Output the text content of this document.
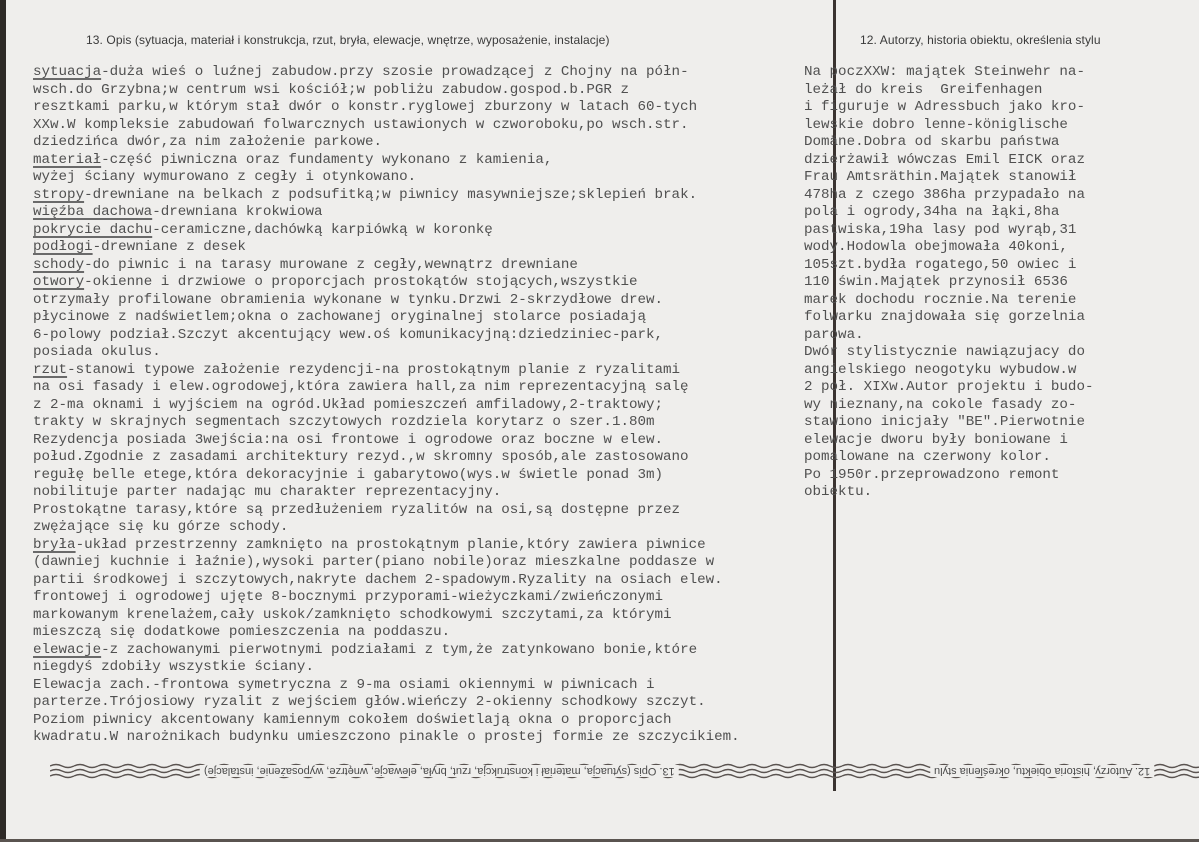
13. Opis (sytuacja, materiał i konstrukcja, rzut, bryła, elewacje, wnętrze, wyposażenie, instalacje)	12. Autorzy, historia obiektu, określenia stylu
sytuacja-duża wieś o luźnej zabudow.przy szosie prowadzącej z Chojny na półn-
wsch.do Grzybna;w centrum wsi kościół;w pobliżu zabudow.gospod.b.PGR z
resztkami parku,w którym stał dwór o konstr.ryglowej zburzony w latach 60-tych
XXw.W kompleksie zabudowań folwarcznych ustawionych w czworoboku,po wsch.str.
dziedzińca dwór,za nim założenie parkowe.
materiał-część piwniczna oraz fundamenty wykonano z kamienia,
wyżej ściany wymurowano z cegły i otynkowano.
stropy-drewniane na belkach z podsufitką;w piwnicy masywniejsze;sklepień brak.
więźba dachowa-drewniana krokwiowa
pokrycie dachu-ceramiczne,dachówką karpiówką w koronkę
podłogi-drewniane z desek
schody-do piwnic i na tarasy murowane z cegły,wewnątrz drewniane
otwory-okienne i drzwiowe o proporcjach prostokątów stojących,wszystkie
otrzymały profilowane obramienia wykonane w tynku.Drzwi 2-skrzydłowe drew.
płycinowe z nadświetlem;okna o zachowanej oryginalnej stolarce posiadają
6-polowy podział.Szczyt akcentujący wew.oś komunikacyjną:dziedziniec-park,
posiada okulus.
rzut-stanowi typowe założenie rezydencji-na prostokątnym planie z ryzalitami
na osi fasady i elew.ogrodowej,która zawiera hall,za nim reprezentacyjną salę
z 2-ma oknami i wyjściem na ogród.Układ pomieszczeń amfiladowy,2-traktowy;
trakty w skrajnych segmentach szczytowych rozdziela korytarz o szer.1.80m
Rezydencja posiada 3wejścia:na osi frontowe i ogrodowe oraz boczne w elew.
połud.Zgodnie z zasadami architektury rezyd.,w skromny sposób,ale zastosowano
regułę belle etege,która dekoracyjnie i gabarytowo(wys.w świetle ponad 3m)
nobilituje parter nadając mu charakter reprezentacyjny.
Prostokątne tarasy,które są przedłużeniem ryzalitów na osi,są dostępne przez
zwężające się ku górze schody.
bryła-układ przestrzenny zamknięto na prostokątnym planie,który zawiera piwnice
(dawniej kuchnie i łaźnie),wysoki parter(piano nobile)oraz mieszkalne poddasze w
partii środkowej i szczytowych,nakryte dachem 2-spadowym.Ryzality na osiach elew.
frontowej i ogrodowej ujęte 8-bocznymi przyporami-wieżyczkami/zwieńczonymi
markowanym krenelażem,cały uskok/zamknięto schodkowymi szczytami,za którymi
mieszczą się dodatkowe pomieszczenia na poddaszu.
elewacje-z zachowanymi pierwotnymi podziałami z tym,że zatynkowano bonie,które
niegdyś zdobiły wszystkie ściany.
Elewacja zach.-frontowa symetryczna z 9-ma osiami okiennymi w piwnicach i
parterze.Trójosiowy ryzalit z wejściem głów.wieńczy 2-okienny schodkowy szczyt.
Poziom piwnicy akcentowany kamiennym cokołem doświetlają okna o proporcjach
kwadratu.W narożnikach budynku umieszczono pinakle o prostej formie ze szczycikiem.
Na poczXXW: majątek Steinwehr na-
leżał do kreis  Greifenhagen
i figuruje w Adressbuch jako kro-
lewskie dobro lenne-königlische
Domäne.Dobra od skarbu państwa
dzierżawił wówczas Emil EICK oraz
Frau Amtsräthin.Majątek stanowił
478ha z czego 386ha przypadało na
pola i ogrody,34ha na łąki,8ha
pastwiska,19ha lasy pod wyrąb,31
wody.Hodowla obejmowała 40koni,
105szt.bydła rogatego,50 owiec i
110 świn.Majątek przynosił 6536
marek dochodu rocznie.Na terenie
folwarku znajdowała się gorzelnia
parowa.
Dwór stylistycznie nawiązujacy do
angielskiego neogotyku wybudow.w
2 poł. XIXw.Autor projektu i budo-
wy nieznany,na cokole fasady zo-
stawiono inicjały "BE".Pierwotnie
elewacje dworu były boniowane i
pomalowane na czerwony kolor.
Po 1950r.przeprowadzono remont
obiektu.
13. Opis (sytuacja, materiał i konstrukcja, rzut, bryła, elewacje, wnętrze, wyposażenie, instalacje)	12. Autorzy, historia obiektu, określenia stylu
